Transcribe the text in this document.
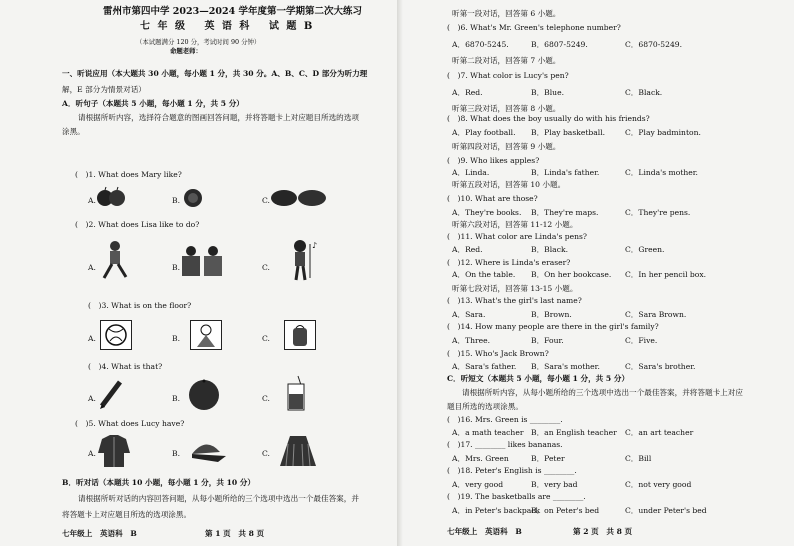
雷州市第四中学 2023—2024 学年度第一学期第二次大练习
七 年 级　 英 语 科　 试 题 B
（本试题满分 120 分，考试时间 90 分钟）
命题老师：
一、听说应用（本大题共 30 小题，每小题 1 分，共 30 分。A、B、C、D 部分为听力理
解，E 部分为情景对话）
A．听句子（本题共 5 小题，每小题 1 分，共 5 分）
请根据所听内容，选择符合题意的图画回答问题，并将答题卡上对应题目所选的选项
涂黑。
(　)1. What does Mary like?
A.	B.	C.
(　)2. What does Lisa like to do?
A.	B.	C.
♪
(　)3. What is on the floor?
A.	B.	C.
(　)4. What is that?
A.	B.	C.
(　)5. What does Lucy have?
A.	B.	C.
B．听对话（本题共 10 小题，每小题 1 分，共 10 分）
请根据所听对话的内容回答问题，从每小题所给的三个选项中选出一个最佳答案，并
将答题卡上对应题目所选的选项涂黑。
七年级上　英语科　B	第 1 页　共 8 页
听第一段对话，回答第 6 小题。
(　)6. What's Mr. Green's telephone number?
A．6870-5245.	B．6807-5249.	C．6870-5249.
听第二段对话，回答第 7 小题。
(　)7. What color is Lucy's pen?
A．Red.	B．Blue.	C．Black.
听第三段对话，回答第 8 小题。
(　)8. What does the boy usually do with his friends?
A．Play football. B．Play basketball.	C．Play badminton.
听第四段对话，回答第 9 小题。
(　)9. Who likes apples?
A．Linda.	B．Linda's father.	C．Linda's mother.
听第五段对话，回答第 10 小题。
(　)10. What are those?
A．They're books. B．They're maps.	C．They're pens.
听第六段对话，回答第 11-12 小题。
(　)11. What color are Linda's pens?
A．Red.	B．Black.	C．Green.
(　)12. Where is Linda's eraser?
A．On the table. B．On her bookcase. C．In her pencil box.
听第七段对话，回答第 13-15 小题。
(　)13. What's the girl's last name?
A．Sara.	B．Brown.	C．Sara Brown.
(　)14. How many people are there in the girl's family?
A．Three.	B．Four.	C．Five.
(　)15. Who's Jack Brown?
A．Sara's father. B．Sara's mother.	C．Sara's brother.
C．听短文（本题共 5 小题，每小题 1 分，共 5 分）
请根据所听内容，从每小题所给的三个选项中选出一个最佳答案，并将答题卡上对应
题目所选的选项涂黑。
(　)16. Mrs. Green is ________.
A．a math teacher B．an English teacher C．an art teacher
(　)17. ________ likes bananas.
A．Mrs. Green	B．Peter	C．Bill
(　)18. Peter's English is ________.
A．very good	B．very bad	C．not very good
(　)19. The basketballs are ________.
A．in Peter's backpack
B．on Peter's bed	C．under Peter's bed
七年级上　英语科　B	第 2 页　共 8 页
